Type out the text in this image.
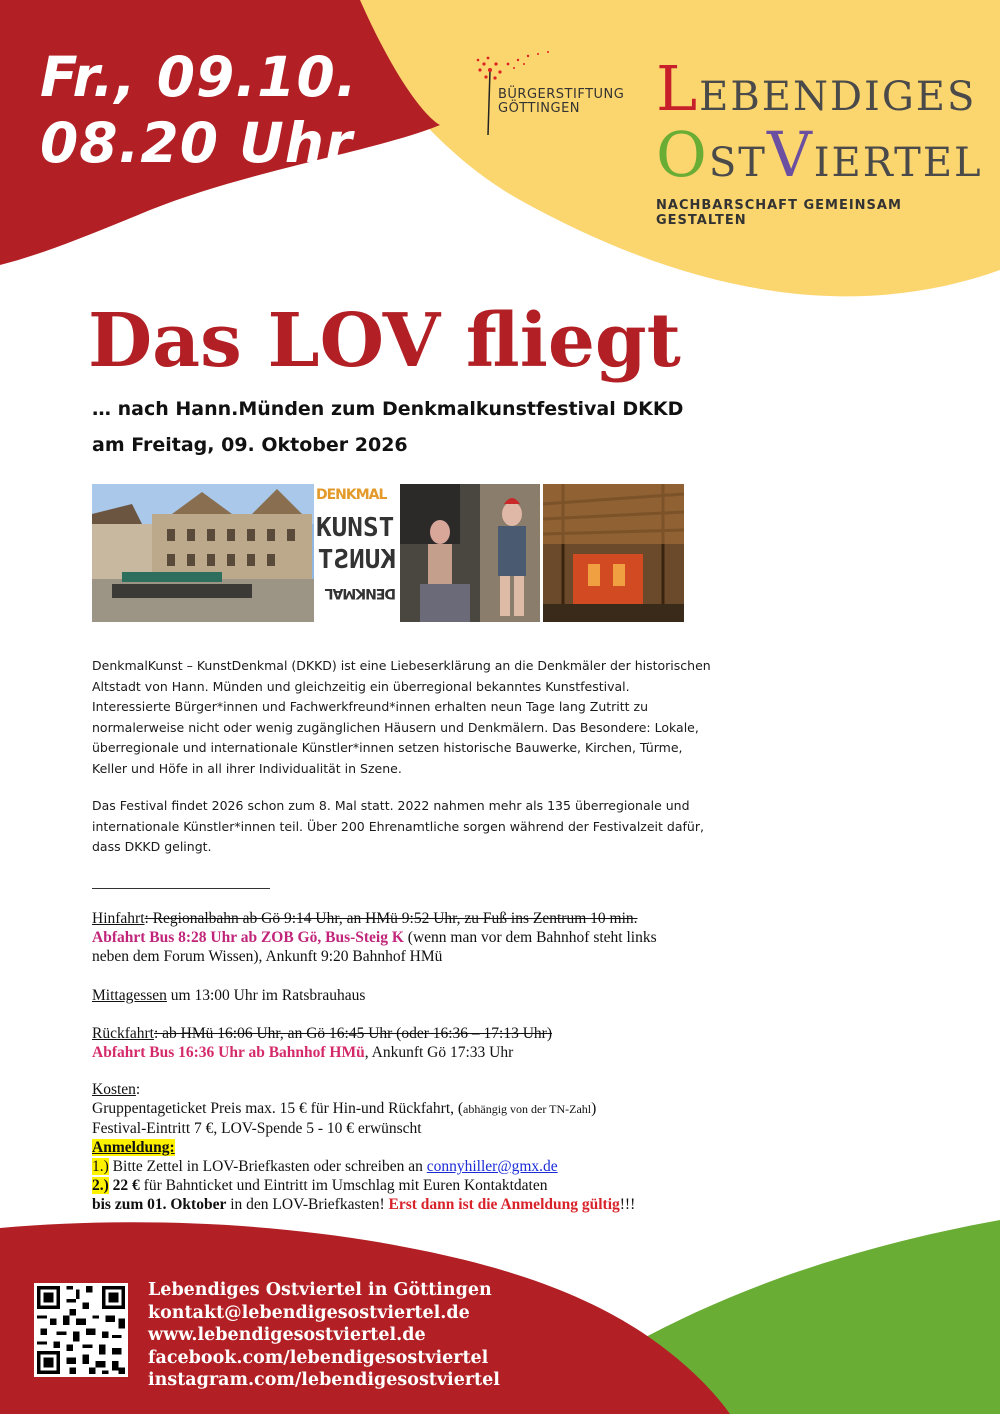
Fr., 09.10.
08.20 Uhr
BÜRGERSTIFTUNG
GÖTTINGEN	LEBENDIGES
OSTVIERTEL
NACHBARSCHAFT GEMEINSAM GESTALTEN
Das LOV fliegt
… nach Hann.Münden zum Denkmalkunstfestival DKKD
am Freitag, 09. Oktober 2026
DENKMAL
KUNST
KUNST
DENKMAL

DenkmalKunst – KunstDenkmal (DKKD) ist eine Liebeserklärung an die Denkmäler der historischen Altstadt von Hann. Münden und gleichzeitig ein überregional bekanntes Kunstfestival. Interessierte Bürger*innen und Fachwerkfreund*innen erhalten neun Tage lang Zutritt zu normalerweise nicht oder wenig zugänglichen Häusern und Denkmälern. Das Besondere: Lokale, überregionale und internationale Künstler*innen setzen historische Bauwerke, Kirchen, Türme, Keller und Höfe in all ihrer Individualität in Szene.

Das Festival findet 2026 schon zum 8. Mal statt. 2022 nahmen mehr als 135 überregionale und internationale Künstler*innen teil. Über 200 Ehrenamtliche sorgen während der Festivalzeit dafür, dass DKKD gelingt.

Hinfahrt: Regionalbahn ab Gö 9:14 Uhr, an HMü 9:52 Uhr, zu Fuß ins Zentrum 10 min.
Abfahrt Bus 8:28 Uhr ab ZOB Gö, Bus-Steig K (wenn man vor dem Bahnhof steht links
neben dem Forum Wissen), Ankunft 9:20 Bahnhof HMü
Mittagessen um 13:00 Uhr im Ratsbrauhaus
Rückfahrt: ab HMü 16:06 Uhr, an Gö 16:45 Uhr (oder 16:36 – 17:13 Uhr)
Abfahrt Bus 16:36 Uhr ab Bahnhof HMü, Ankunft Gö 17:33 Uhr
Kosten:
Gruppentageticket Preis max. 15 € für Hin-und Rückfahrt, (abhängig von der TN-Zahl)
Festival-Eintritt 7 €, LOV-Spende 5 - 10 € erwünscht
Anmeldung:
1.) Bitte Zettel in LOV-Briefkasten oder schreiben an connyhiller@gmx.de
2.) 22 € für Bahnticket und Eintritt im Umschlag mit Euren Kontaktdaten
bis zum 01. Oktober in den LOV-Briefkasten! Erst dann ist die Anmeldung gültig!!!
Lebendiges Ostviertel in Göttingen
kontakt@lebendigesostviertel.de
www.lebendigesostviertel.de
facebook.com/lebendigesostviertel
instagram.com/lebendigesostviertel
